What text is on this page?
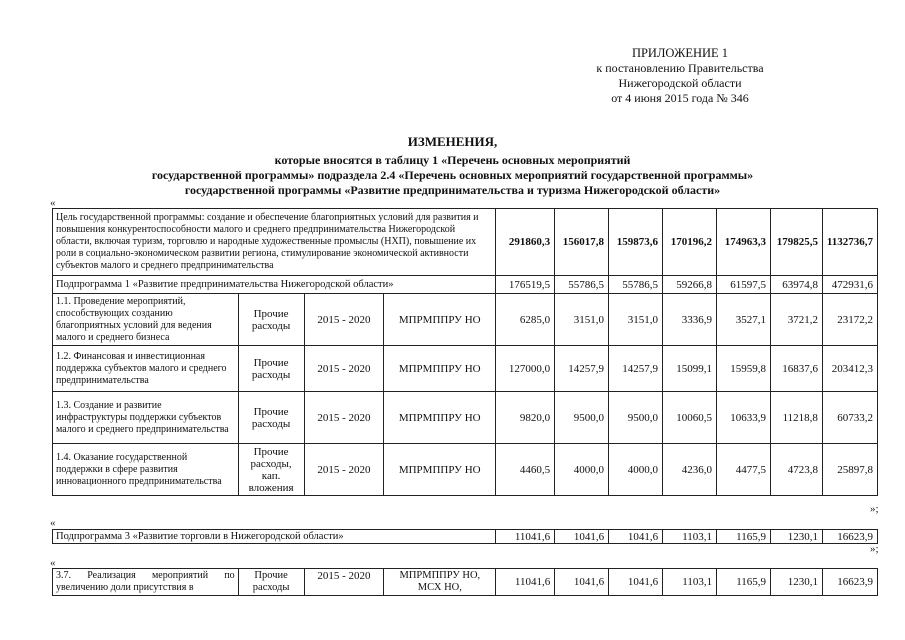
ПРИЛОЖЕНИЕ 1
к постановлению Правительства
Нижегородской области
от 4 июня 2015 года № 346
ИЗМЕНЕНИЯ,
которые вносятся в таблицу 1 «Перечень основных мероприятий
государственной программы» подраздела 2.4 «Перечень основных мероприятий государственной программы»
государственной программы «Развитие предпринимательства и туризма Нижегородской области»
«
Цель государственной программы: создание и обеспечение благоприятных условий для развития и повышения конкурентоспособности малого и среднего предпринимательства Нижегородской области, включая туризм, торговлю и народные художественные промыслы (НХП), повышение их роли в социально-экономическом развитии региона, стимулирование экономической активности субъектов малого и среднего предпринимательства				291860,3	156017,8	159873,6	170196,2	174963,3	179825,5	1132736,7
Подпрограмма 1 «Развитие предпринимательства Нижегородской области»				176519,5	55786,5	55786,5	59266,8	61597,5	63974,8	472931,6
1.1. Проведение мероприятий, способствующих созданию благоприятных условий для ведения малого и среднего бизнеса	Прочие расходы	2015 - 2020	МПРМППРУ НО	6285,0	3151,0	3151,0	3336,9	3527,1	3721,2	23172,2
1.2. Финансовая и инвестиционная поддержка субъектов малого и среднего предпринимательства	Прочие расходы	2015 - 2020	МПРМППРУ НО	127000,0	14257,9	14257,9	15099,1	15959,8	16837,6	203412,3
1.3. Создание и развитие инфраструктуры поддержки субъектов малого и среднего предпринимательства	Прочие расходы	2015 - 2020	МПРМППРУ НО	9820,0	9500,0	9500,0	10060,5	10633,9	11218,8	60733,2
1.4. Оказание государственной поддержки в сфере развития инновационного предпринимательства	Прочие расходы, кап. вложения	2015 - 2020	МПРМППРУ НО	4460,5	4000,0	4000,0	4236,0	4477,5	4723,8	25897,8
»;
«
Подпрограмма 3 «Развитие торговли в Нижегородской области»	11041,6	1041,6	1041,6	1103,1	1165,9	1230,1	16623,9
»;
«
3.7. Реализация мероприятий по увеличению доли присутствия в	Прочие расходы	2015 - 2020	МПРМППРУ НО, МСХ НО,	11041,6	1041,6	1041,6	1103,1	1165,9	1230,1	16623,9
